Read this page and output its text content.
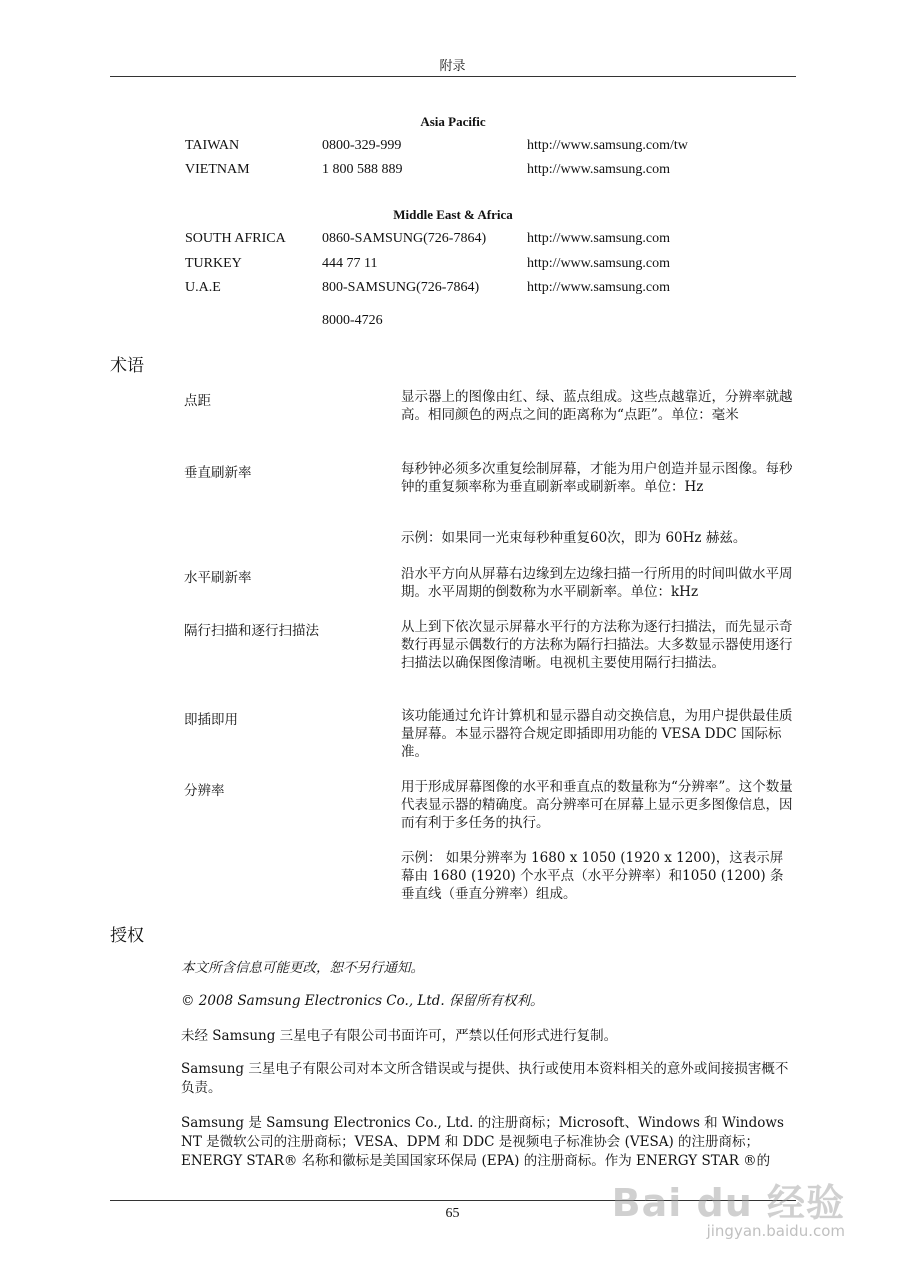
附录
Asia Pacific
TAIWAN	0800-329-999	http://www.samsung.com/tw
VIETNAM	1 800 588 889	http://www.samsung.com
Middle East & Africa
SOUTH AFRICA	0860-SAMSUNG(726-7864)	http://www.samsung.com
TURKEY	444 77 11	http://www.samsung.com
U.A.E	800-SAMSUNG(726-7864)	http://www.samsung.com
8000-4726
术语
点距	显示器上的图像由红、绿、蓝点组成。这些点越靠近，分辨率就越高。相同颜色的两点之间的距离称为“点距”。单位：毫米
垂直刷新率	每秒钟必须多次重复绘制屏幕，才能为用户创造并显示图像。每秒钟的重复频率称为垂直刷新率或刷新率。单位：Hz
示例：如果同一光束每秒种重复60次，即为 60Hz 赫兹。
水平刷新率	沿水平方向从屏幕右边缘到左边缘扫描一行所用的时间叫做水平周期。水平周期的倒数称为水平刷新率。单位：kHz
隔行扫描和逐行扫描法	从上到下依次显示屏幕水平行的方法称为逐行扫描法，而先显示奇数行再显示偶数行的方法称为隔行扫描法。大多数显示器使用逐行扫描法以确保图像清晰。电视机主要使用隔行扫描法。
即插即用	该功能通过允许计算机和显示器自动交换信息，为用户提供最佳质量屏幕。本显示器符合规定即插即用功能的 VESA DDC 国际标准。
分辨率	用于形成屏幕图像的水平和垂直点的数量称为“分辨率”。这个数量代表显示器的精确度。高分辨率可在屏幕上显示更多图像信息，因而有利于多任务的执行。
示例： 如果分辨率为 1680 x 1050 (1920 x 1200)，这表示屏幕由 1680 (1920) 个水平点（水平分辨率）和1050 (1200) 条垂直线（垂直分辨率）组成。
授权
本文所含信息可能更改，恕不另行通知。
© 2008 Samsung Electronics Co., Ltd. 保留所有权利。
未经 Samsung 三星电子有限公司书面许可，严禁以任何形式进行复制。
Samsung 三星电子有限公司对本文所含错误或与提供、执行或使用本资料相关的意外或间接损害概不负责。
Samsung 是 Samsung Electronics Co., Ltd. 的注册商标；Microsoft、Windows 和 Windows NT 是微软公司的注册商标；VESA、DPM 和 DDC 是视频电子标准协会 (VESA) 的注册商标；ENERGY STAR® 名称和徽标是美国国家环保局 (EPA) 的注册商标。作为 ENERGY STAR ®的
65	Bai du 经验
jingyan.baidu.com
